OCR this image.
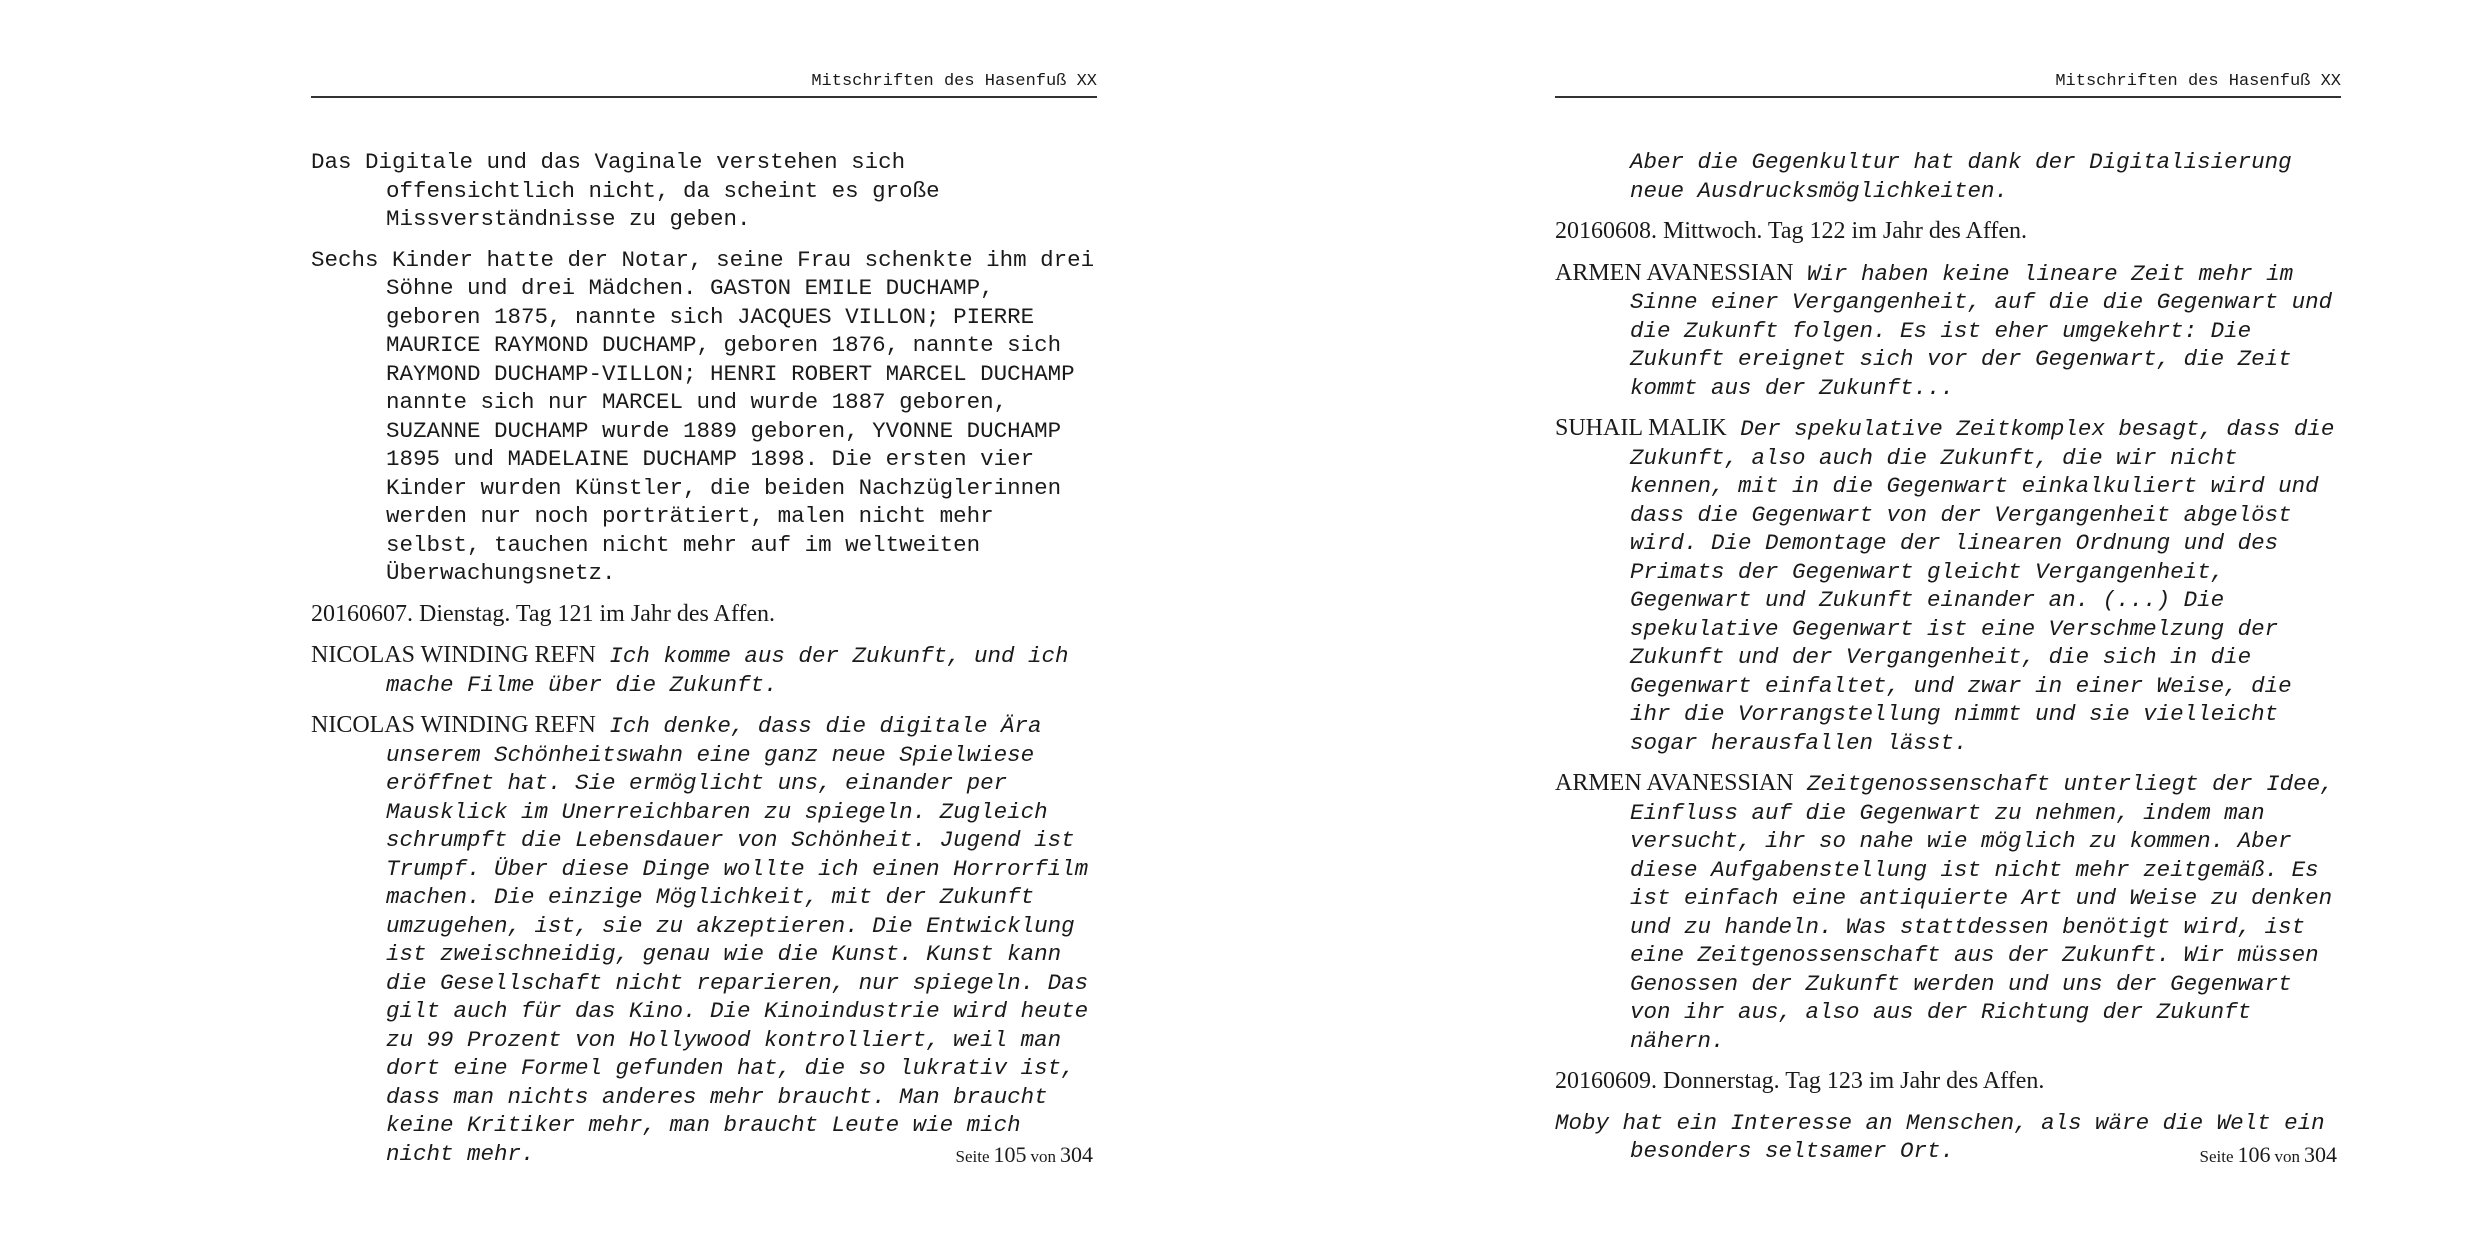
Mitschriften des Hasenfuß XX

Das Digitale und das Vaginale verstehen sich offensichtlich nicht, da scheint es große Missverständnisse zu geben.

Sechs Kinder hatte der Notar, seine Frau schenkte ihm drei Söhne und drei Mädchen. GASTON EMILE DUCHAMP, geboren 1875, nannte sich JACQUES VILLON; PIERRE MAURICE RAYMOND DUCHAMP, geboren 1876, nannte sich RAYMOND DUCHAMP-VILLON; HENRI ROBERT MARCEL DUCHAMP nannte sich nur MARCEL und wurde 1887 geboren, SUZANNE DUCHAMP wurde 1889 geboren, YVONNE DUCHAMP 1895 und MADELAINE DUCHAMP 1898. Die ersten vier Kinder wurden Künstler, die beiden Nachzüglerinnen werden nur noch porträtiert, malen nicht mehr selbst, tauchen nicht mehr auf im weltweiten Überwachungsnetz.

20160607. Dienstag. Tag 121 im Jahr des Affen.

NICOLAS WINDING REFN Ich komme aus der Zukunft, und ich mache Filme über die Zukunft.

NICOLAS WINDING REFN Ich denke, dass die digitale Ära unserem Schönheitswahn eine ganz neue Spielwiese eröffnet hat. Sie ermöglicht uns, einander per Mausklick im Unerreichbaren zu spiegeln. Zugleich schrumpft die Lebensdauer von Schönheit. Jugend ist Trumpf. Über diese Dinge wollte ich einen Horrorfilm machen. Die einzige Möglichkeit, mit der Zukunft umzugehen, ist, sie zu akzeptieren. Die Entwicklung ist zweischneidig, genau wie die Kunst. Kunst kann die Gesellschaft nicht reparieren, nur spiegeln. Das gilt auch für das Kino. Die Kinoindustrie wird heute zu 99 Prozent von Hollywood kontrolliert, weil man dort eine Formel gefunden hat, die so lukrativ ist, dass man nichts anderes mehr braucht. Man braucht keine Kritiker mehr, man braucht Leute wie mich nicht mehr.	Seite 105 von 304
Mitschriften des Hasenfuß XX

Aber die Gegenkultur hat dank der Digitalisierung neue Ausdrucksmöglichkeiten.

20160608. Mittwoch. Tag 122 im Jahr des Affen.

ARMEN AVANESSIAN Wir haben keine lineare Zeit mehr im Sinne einer Vergangenheit, auf die die Gegenwart und die Zukunft folgen. Es ist eher umgekehrt: Die Zukunft ereignet sich vor der Gegenwart, die Zeit kommt aus der Zukunft...

SUHAIL MALIK Der spekulative Zeitkomplex besagt, dass die Zukunft, also auch die Zukunft, die wir nicht kennen, mit in die Gegenwart einkalkuliert wird und dass die Gegenwart von der Vergangenheit abgelöst wird. Die Demontage der linearen Ordnung und des Primats der Gegenwart gleicht Vergangenheit, Gegenwart und Zukunft einander an. (...) Die spekulative Gegenwart ist eine Verschmelzung der Zukunft und der Vergangenheit, die sich in die Gegenwart einfaltet, und zwar in einer Weise, die ihr die Vorrangstellung nimmt und sie vielleicht sogar herausfallen lässt.

ARMEN AVANESSIAN Zeitgenossenschaft unterliegt der Idee, Einfluss auf die Gegenwart zu nehmen, indem man versucht, ihr so nahe wie möglich zu kommen. Aber diese Aufgabenstellung ist nicht mehr zeitgemäß. Es ist einfach eine antiquierte Art und Weise zu denken und zu handeln. Was stattdessen benötigt wird, ist eine Zeitgenossenschaft aus der Zukunft. Wir müssen Genossen der Zukunft werden und uns der Gegenwart von ihr aus, also aus der Richtung der Zukunft nähern.

20160609. Donnerstag. Tag 123 im Jahr des Affen.

Moby hat ein Interesse an Menschen, als wäre die Welt ein besonders seltsamer Ort.	Seite 106 von 304
